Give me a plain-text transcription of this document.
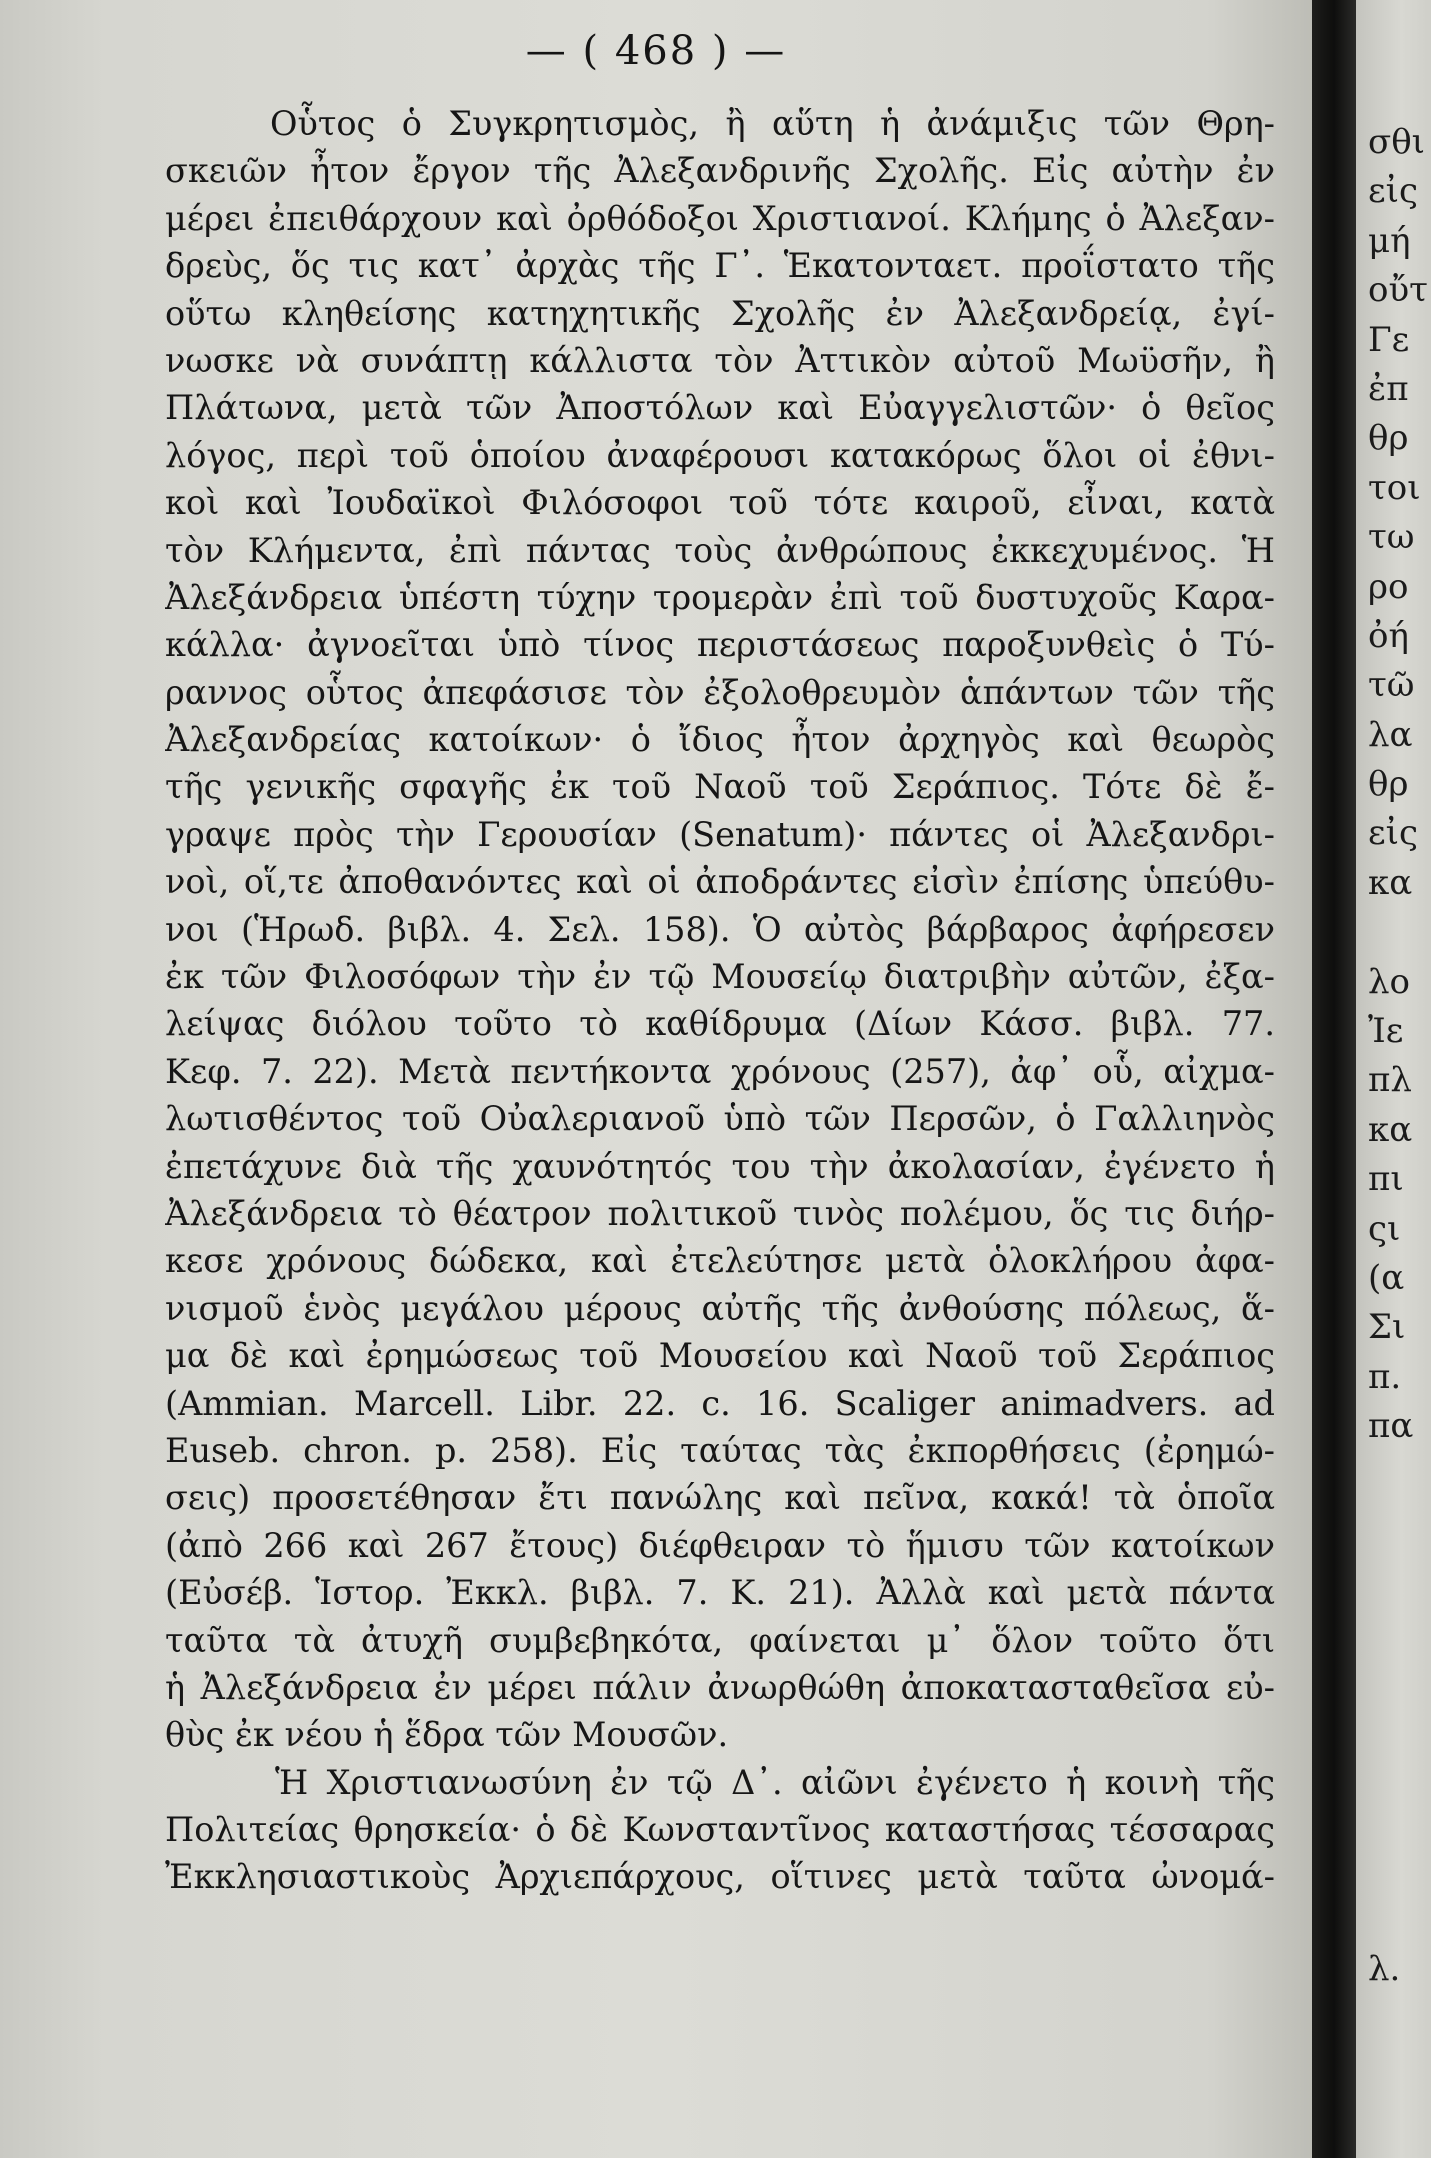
— ( 468 ) —
Οὗτος ὁ Συγκρητισμὸς, ἢ αὕτη ἡ ἀνάμιξις τῶν Θρη-
σκειῶν ἦτον ἔργον τῆς Ἀλεξανδρινῆς Σχολῆς. Εἰς αὐτὴν ἐν
μέρει ἐπειθάρχουν καὶ ὀρθόδοξοι Χριστιανοί. Κλήμης ὁ Ἀλεξαν-
δρεὺς, ὅς τις κατ᾽ ἀρχὰς τῆς Γ᾽. Ἑκατονταετ. προΐστατο τῆς
οὕτω κληθείσης κατηχητικῆς Σχολῆς ἐν Ἀλεξανδρείᾳ, ἐγί-
νωσκε νὰ συνάπτῃ κάλλιστα τὸν Ἀττικὸν αὐτοῦ Μωϋσῆν, ἢ
Πλάτωνα, μετὰ τῶν Ἀποστόλων καὶ Εὐαγγελιστῶν· ὁ θεῖος
λόγος, περὶ τοῦ ὁποίου ἀναφέρουσι κατακόρως ὅλοι οἱ ἐθνι-
κοὶ καὶ Ἰουδαϊκοὶ Φιλόσοφοι τοῦ τότε καιροῦ, εἶναι, κατὰ
τὸν Κλήμεντα, ἐπὶ πάντας τοὺς ἀνθρώπους ἐκκεχυμένος. Ἡ
Ἀλεξάνδρεια ὑπέστη τύχην τρομερὰν ἐπὶ τοῦ δυστυχοῦς Καρα-
κάλλα· ἀγνοεῖται ὑπὸ τίνος περιστάσεως παροξυνθεὶς ὁ Τύ-
ραννος οὗτος ἀπεφάσισε τὸν ἐξολοθρευμὸν ἁπάντων τῶν τῆς
Ἀλεξανδρείας κατοίκων· ὁ ἴδιος ἦτον ἀρχηγὸς καὶ θεωρὸς
τῆς γενικῆς σφαγῆς ἐκ τοῦ Ναοῦ τοῦ Σεράπιος. Τότε δὲ ἔ-
γραψε πρὸς τὴν Γερουσίαν (Senatum)· πάντες οἱ Ἀλεξανδρι-
νοὶ, οἵ,τε ἀποθανόντες καὶ οἱ ἀποδράντες εἰσὶν ἐπίσης ὑπεύθυ-
νοι (Ἡρωδ. βιβλ. 4. Σελ. 158). Ὁ αὐτὸς βάρβαρος ἀφήρεσεν
ἐκ τῶν Φιλοσόφων τὴν ἐν τῷ Μουσείῳ διατριβὴν αὐτῶν, ἐξα-
λείψας διόλου τοῦτο τὸ καθίδρυμα (Δίων Κάσσ. βιβλ. 77.
Κεφ. 7. 22). Μετὰ πεντήκοντα χρόνους (257), ἀφ᾽ οὗ, αἰχμα-
λωτισθέντος τοῦ Οὐαλεριανοῦ ὑπὸ τῶν Περσῶν, ὁ Γαλλιηνὸς
ἐπετάχυνε διὰ τῆς χαυνότητός του τὴν ἀκολασίαν, ἐγένετο ἡ
Ἀλεξάνδρεια τὸ θέατρον πολιτικοῦ τινὸς πολέμου, ὅς τις διήρ-
κεσε χρόνους δώδεκα, καὶ ἐτελεύτησε μετὰ ὁλοκλήρου ἀφα-
νισμοῦ ἑνὸς μεγάλου μέρους αὐτῆς τῆς ἀνθούσης πόλεως, ἅ-
μα δὲ καὶ ἐρημώσεως τοῦ Μουσείου καὶ Ναοῦ τοῦ Σεράπιος
(Ammian. Marcell. Libr. 22. c. 16. Scaliger animadvers. ad
Euseb. chron. p. 258). Εἰς ταύτας τὰς ἐκπορθήσεις (ἐρημώ-
σεις) προσετέθησαν ἔτι πανώλης καὶ πεῖνα, κακά! τὰ ὁποῖα
(ἀπὸ 266 καὶ 267 ἔτους) διέφθειραν τὸ ἥμισυ τῶν κατοίκων
(Εὐσέβ. Ἱστορ. Ἐκκλ. βιβλ. 7. Κ. 21). Ἀλλὰ καὶ μετὰ πάντα
ταῦτα τὰ ἀτυχῆ συμβεβηκότα, φαίνεται μ᾽ ὅλον τοῦτο ὅτι
ἡ Ἀλεξάνδρεια ἐν μέρει πάλιν ἀνωρθώθη ἀποκατασταθεῖσα εὐ-
θὺς ἐκ νέου ἡ ἕδρα τῶν Μουσῶν.
Ἡ Χριστιανωσύνη ἐν τῷ Δ᾽. αἰῶνι ἐγένετο ἡ κοινὴ τῆς
Πολιτείας θρησκεία· ὁ δὲ Κωνσταντῖνος καταστήσας τέσσαρας
Ἐκκλησιαστικοὺς Ἀρχιεπάρχους, οἵτινες μετὰ ταῦτα ὠνομά-
σθι
εἰς
μή
οὔτ
Γε
ἐπ
θρ
τοι
τω
ρο
ὀή
τῶ
λα
θρ
εἰς
κα
λο
Ἰε
πλ
κα
πι
ςι
(α
Σι
π.
πα
λ.
